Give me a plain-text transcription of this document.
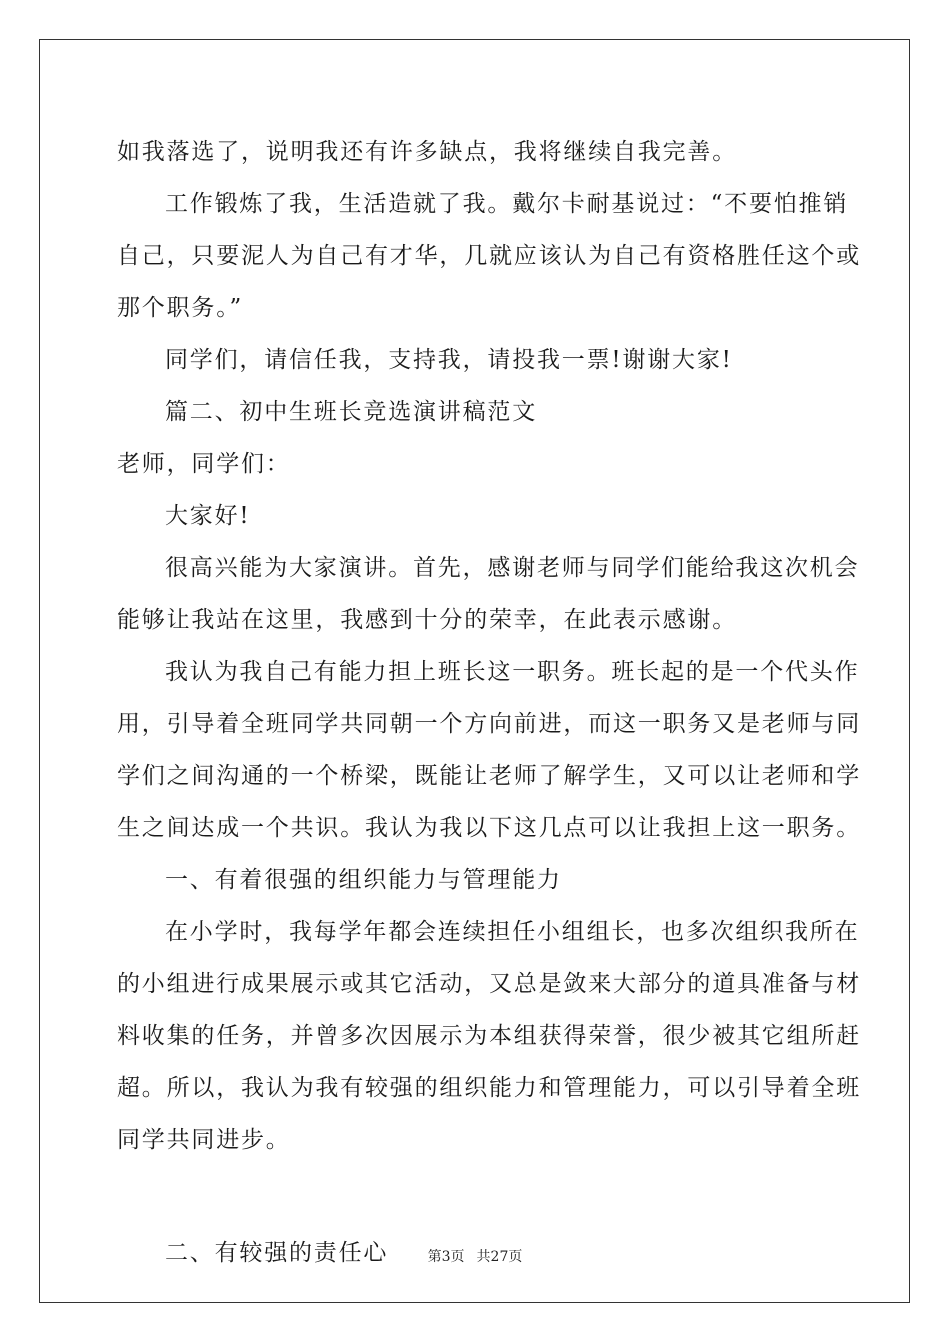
如我落选了，说明我还有许多缺点，我将继续自我完善。
工作锻炼了我，生活造就了我。戴尔卡耐基说过：“不要怕推销
自己，只要泥人为自己有才华，几就应该认为自己有资格胜任这个或
那个职务。”
同学们，请信任我，支持我，请投我一票!谢谢大家!
篇二、初中生班长竞选演讲稿范文
老师，同学们：
大家好!
很高兴能为大家演讲。首先，感谢老师与同学们能给我这次机会
能够让我站在这里，我感到十分的荣幸，在此表示感谢。
我认为我自己有能力担上班长这一职务。班长起的是一个代头作
用，引导着全班同学共同朝一个方向前进，而这一职务又是老师与同
学们之间沟通的一个桥梁，既能让老师了解学生，又可以让老师和学
生之间达成一个共识。我认为我以下这几点可以让我担上这一职务。
一、有着很强的组织能力与管理能力
在小学时，我每学年都会连续担任小组组长，也多次组织我所在
的小组进行成果展示或其它活动，又总是敛来大部分的道具准备与材
料收集的任务，并曾多次因展示为本组获得荣誉，很少被其它组所赶
超。所以，我认为我有较强的组织能力和管理能力，可以引导着全班
同学共同进步。
二、有较强的责任心	第3页 共27页
